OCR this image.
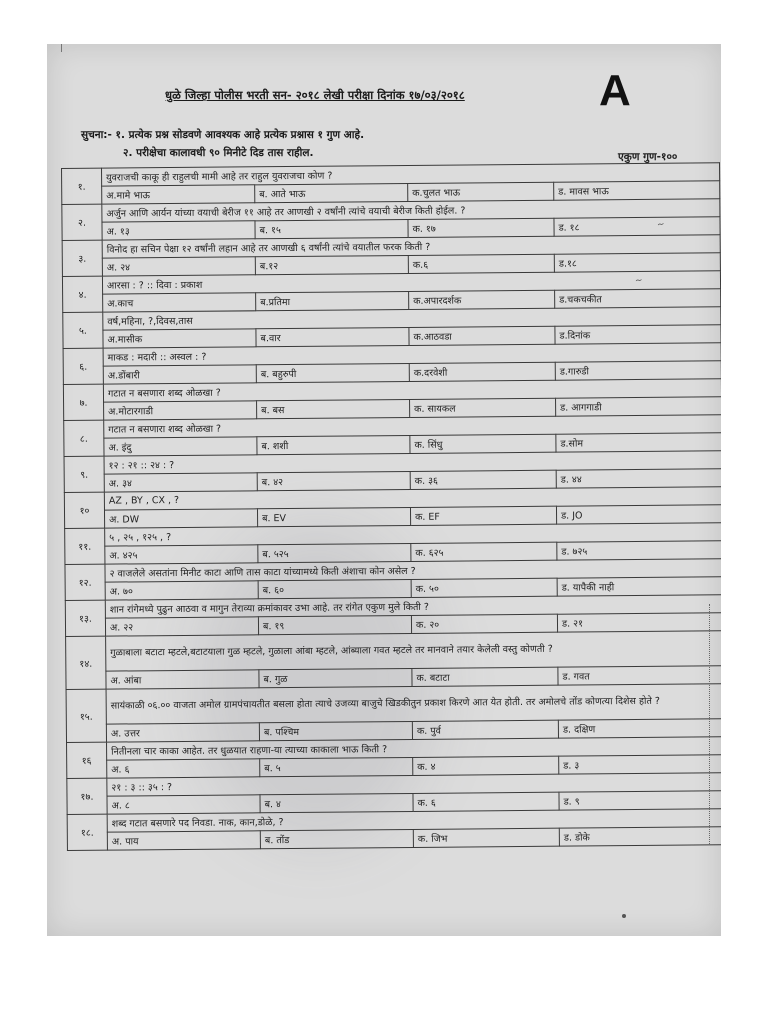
धुळे जिल्हा पोलीस भरती सन- २०१८ लेखी परीक्षा दिनांक १७/०३/२०१८	A
सुचना:- १. प्रत्येक प्रश्न सोडवणे आवश्यक आहे प्रत्येक प्रश्नास १ गुण आहे.
२. परीक्षेचा कालावधी ९० मिनीटे दिड तास राहील.	एकुण गुण-१००
१.	युवराजची काकू ही राहुलची मामी आहे तर राहुल युवराजचा कोण ?			
	अ.मामे भाऊ	ब. आते भाऊ	क.चुलत भाऊ	ड. मावस भाऊ
२.	अर्जुन आणि आर्यन यांच्या वयाची बेरीज ११ आहे तर आणखी २ वर्षांनी त्यांचे वयाची बेरीज किती होईल. ?			
	अ. १३	ब. १५	क. १७	ड. १८
३.	विनोद हा सचिन पेक्षा १२ वर्षांनी लहान आहे तर आणखी ६ वर्षांनी त्यांचे वयातील फरक किती ?			
	अ. २४	ब.१२	क.६	ड.१८
४.	आरसा : ? :: दिवा : प्रकाश			
	अ.काच	ब.प्रतिमा	क.अपारदर्शक	ड.चकचकीत
५.	वर्ष,महिना, ?,दिवस,तास			
	अ.मासीक	ब.वार	क.आठवडा	ड.दिनांक
६.	माकड : मदारी :: अस्वल : ?			
	अ.डोंबारी	ब. बहुरुपी	क.दरवेशी	ड.गारुडी
७.	गटात न बसणारा शब्द ओळखा ?			
	अ.मोटारगाडी	ब. बस	क. सायकल	ड. आगगाडी
८.	गटात न बसणारा शब्द ओळखा ?			
	अ. इंदु	ब. शशी	क. सिंधु	ड.सोम
९.	१२ : २१ :: २४ : ?			
	अ. ३४	ब. ४२	क. ३६	ड. ४४
१०	AZ , BY , CX , ?			
	अ. DW	ब. EV	क. EF	ड. JO
११.	५ , २५ , १२५ , ?			
	अ. ४२५	ब. ५२५	क. ६२५	ड. ७२५
१२.	२ वाजलेले असतांना मिनीट काटा आणि तास काटा यांच्यामध्ये किती अंशाचा कोन असेल ?			
	अ. ७०	ब. ६०	क. ५०	ड. यापैकी नाही
१३.	शान रांगेमध्ये पुढुन आठवा व मागुन तेराव्या क्रमांकावर उभा आहे. तर रांगेत एकुण मुले किती ?			
	अ. २२	ब. १९	क. २०	ड. २१
१४.	गुळाबाला बटाटा म्हटले,बटाटयाला गुळ म्हटले, गुळाला आंबा म्हटले, आंब्याला गवत म्हटले तर मानवाने तयार केलेली वस्तु कोणती ?			
	अ. आंबा	ब. गुळ	क. बटाटा	ड. गवत
१५.	सायंकाळी ०६.०० वाजता अमोल ग्रामपंचायतीत बसला होता त्याचे उजव्या बाजुचे खिडकीतुन प्रकाश किरणे आत येत होती. तर अमोलचे तोंड कोणत्या दिशेस होते ?			
	अ. उत्तर	ब. पश्चिम	क. पुर्व	ड. दक्षिण
१६	नितीनला चार काका आहेत. तर धुळयात राहणा-या त्याच्या काकाला भाऊ किती ?			
	अ. ६	ब. ५	क. ४	ड. ३
१७.	२१ : ३ :: ३५ : ?			
	अ. ८	ब. ४	क. ६	ड. ९
१८.	शब्द गटात बसणारे पद निवडा. नाक, कान,डोळे, ?			
	अ. पाय	ब. तोंड	क. जिभ	ड. डोके
~
~
